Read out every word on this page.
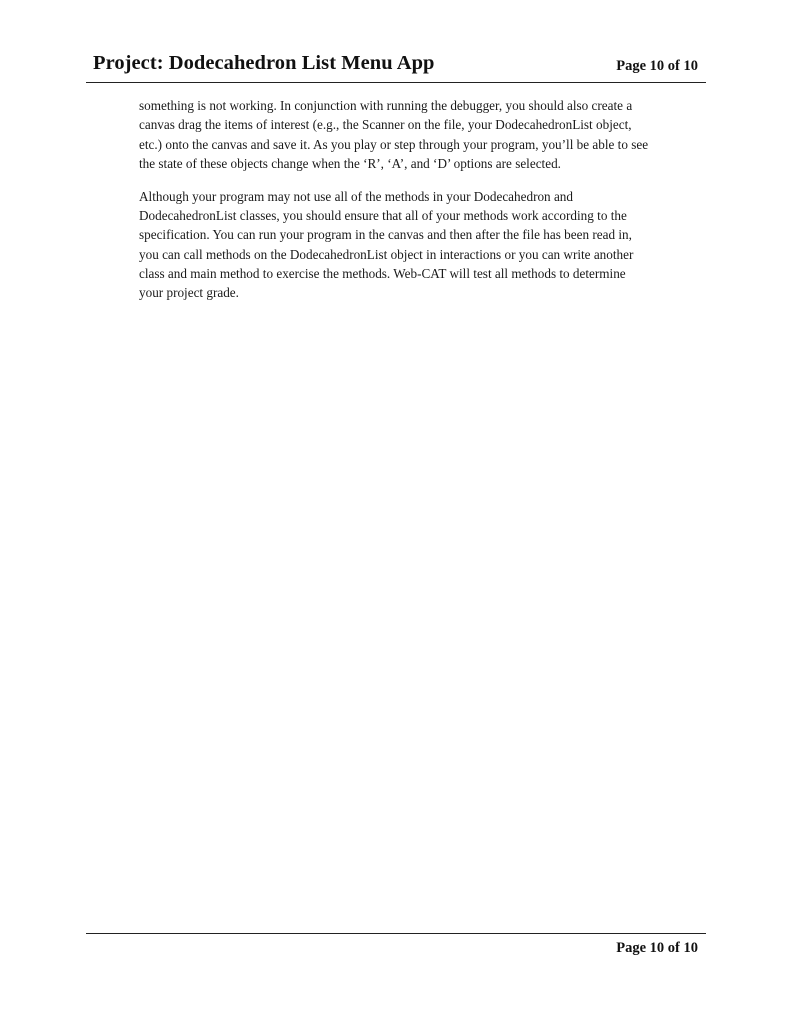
Project: Dodecahedron List Menu App	Page 10 of 10

something is not working. In conjunction with running the debugger, you should also create a

canvas drag the items of interest (e.g., the Scanner on the file, your DodecahedronList object,

etc.) onto the canvas and save it. As you play or step through your program, you’ll be able to see

the state of these objects change when the ‘R’, ‘A’, and ‘D’ options are selected.

Although your program may not use all of the methods in your Dodecahedron and

DodecahedronList classes, you should ensure that all of your methods work according to the

specification. You can run your program in the canvas and then after the file has been read in,

you can call methods on the DodecahedronList object in interactions or you can write another

class and main method to exercise the methods. Web-CAT will test all methods to determine

your project grade.

Page 10 of 10
